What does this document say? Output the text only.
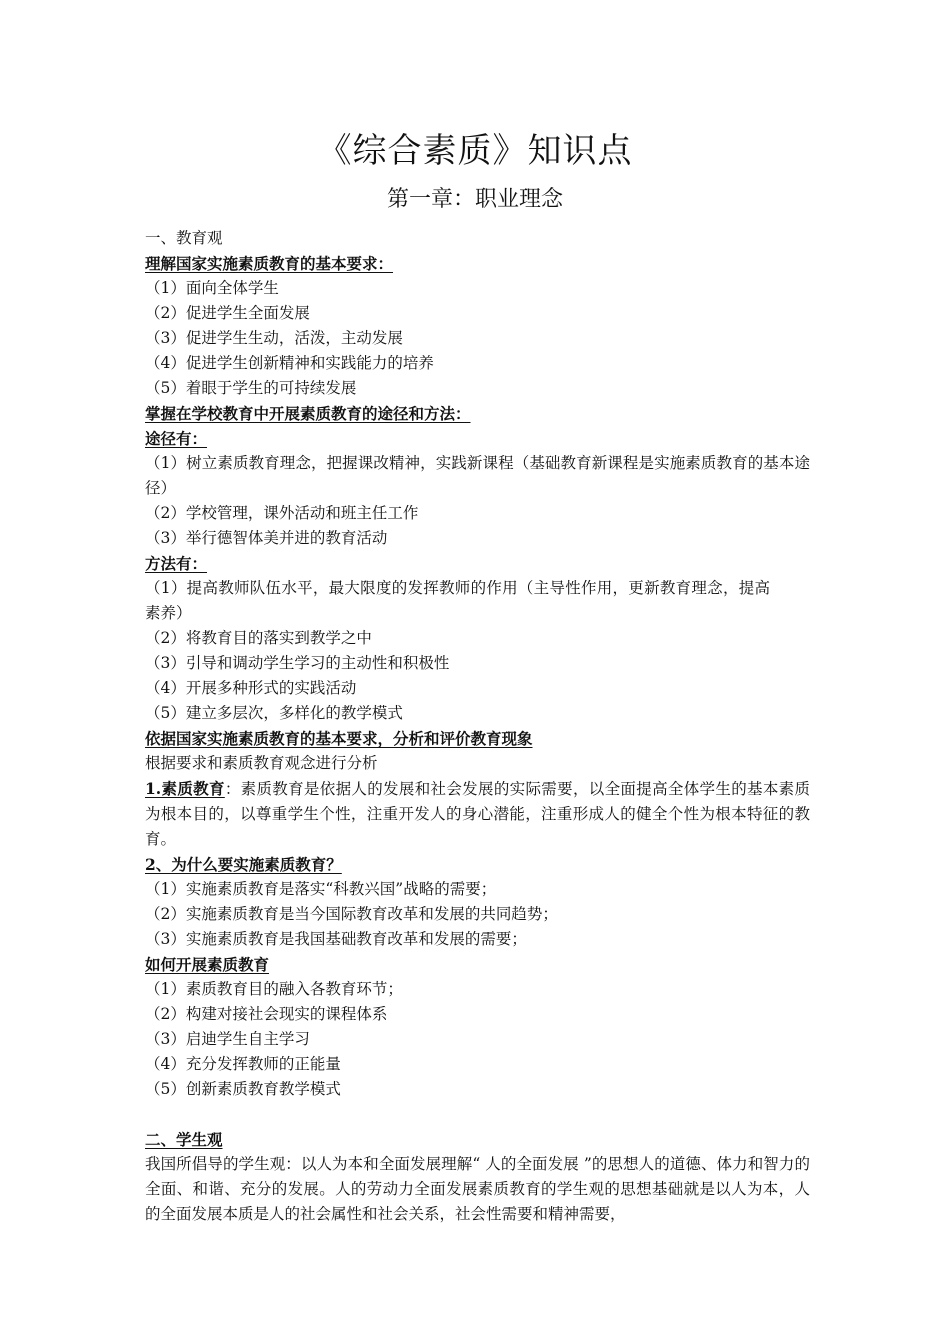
《综合素质》知识点
第一章：职业理念
一、教育观
理解国家实施素质教育的基本要求：
（1）面向全体学生
（2）促进学生全面发展
（3）促进学生生动，活泼，主动发展
（4）促进学生创新精神和实践能力的培养
（5）着眼于学生的可持续发展
掌握在学校教育中开展素质教育的途径和方法：
途径有：
（1）树立素质教育理念，把握课改精神，实践新课程（基础教育新课程是实施素质教育的基本途径）
（2）学校管理，课外活动和班主任工作
（3）举行德智体美并进的教育活动
方法有：
（1）提高教师队伍水平，最大限度的发挥教师的作用（主导性作用，更新教育理念，提高素养）
（2）将教育目的落实到教学之中
（3）引导和调动学生学习的主动性和积极性
（4）开展多种形式的实践活动
（5）建立多层次，多样化的教学模式
依据国家实施素质教育的基本要求，分析和评价教育现象
根据要求和素质教育观念进行分析
1.素质教育：素质教育是依据人的发展和社会发展的实际需要，以全面提高全体学生的基本素质为根本目的，以尊重学生个性，注重开发人的身心潜能，注重形成人的健全个性为根本特征的教育。
2、为什么要实施素质教育？
（1）实施素质教育是落实“科教兴国”战略的需要；
（2）实施素质教育是当今国际教育改革和发展的共同趋势；
（3）实施素质教育是我国基础教育改革和发展的需要；
如何开展素质教育
（1）素质教育目的融入各教育环节；
（2）构建对接社会现实的课程体系
（3）启迪学生自主学习
（4）充分发挥教师的正能量
（5）创新素质教育教学模式
二、学生观
我国所倡导的学生观：以人为本和全面发展理解“ 人的全面发展 ”的思想人的道德、体力和智力的全面、和谐、充分的发展。人的劳动力全面发展素质教育的学生观的思想基础就是以人为本，人的全面发展本质是人的社会属性和社会关系，社会性需要和精神需要，
